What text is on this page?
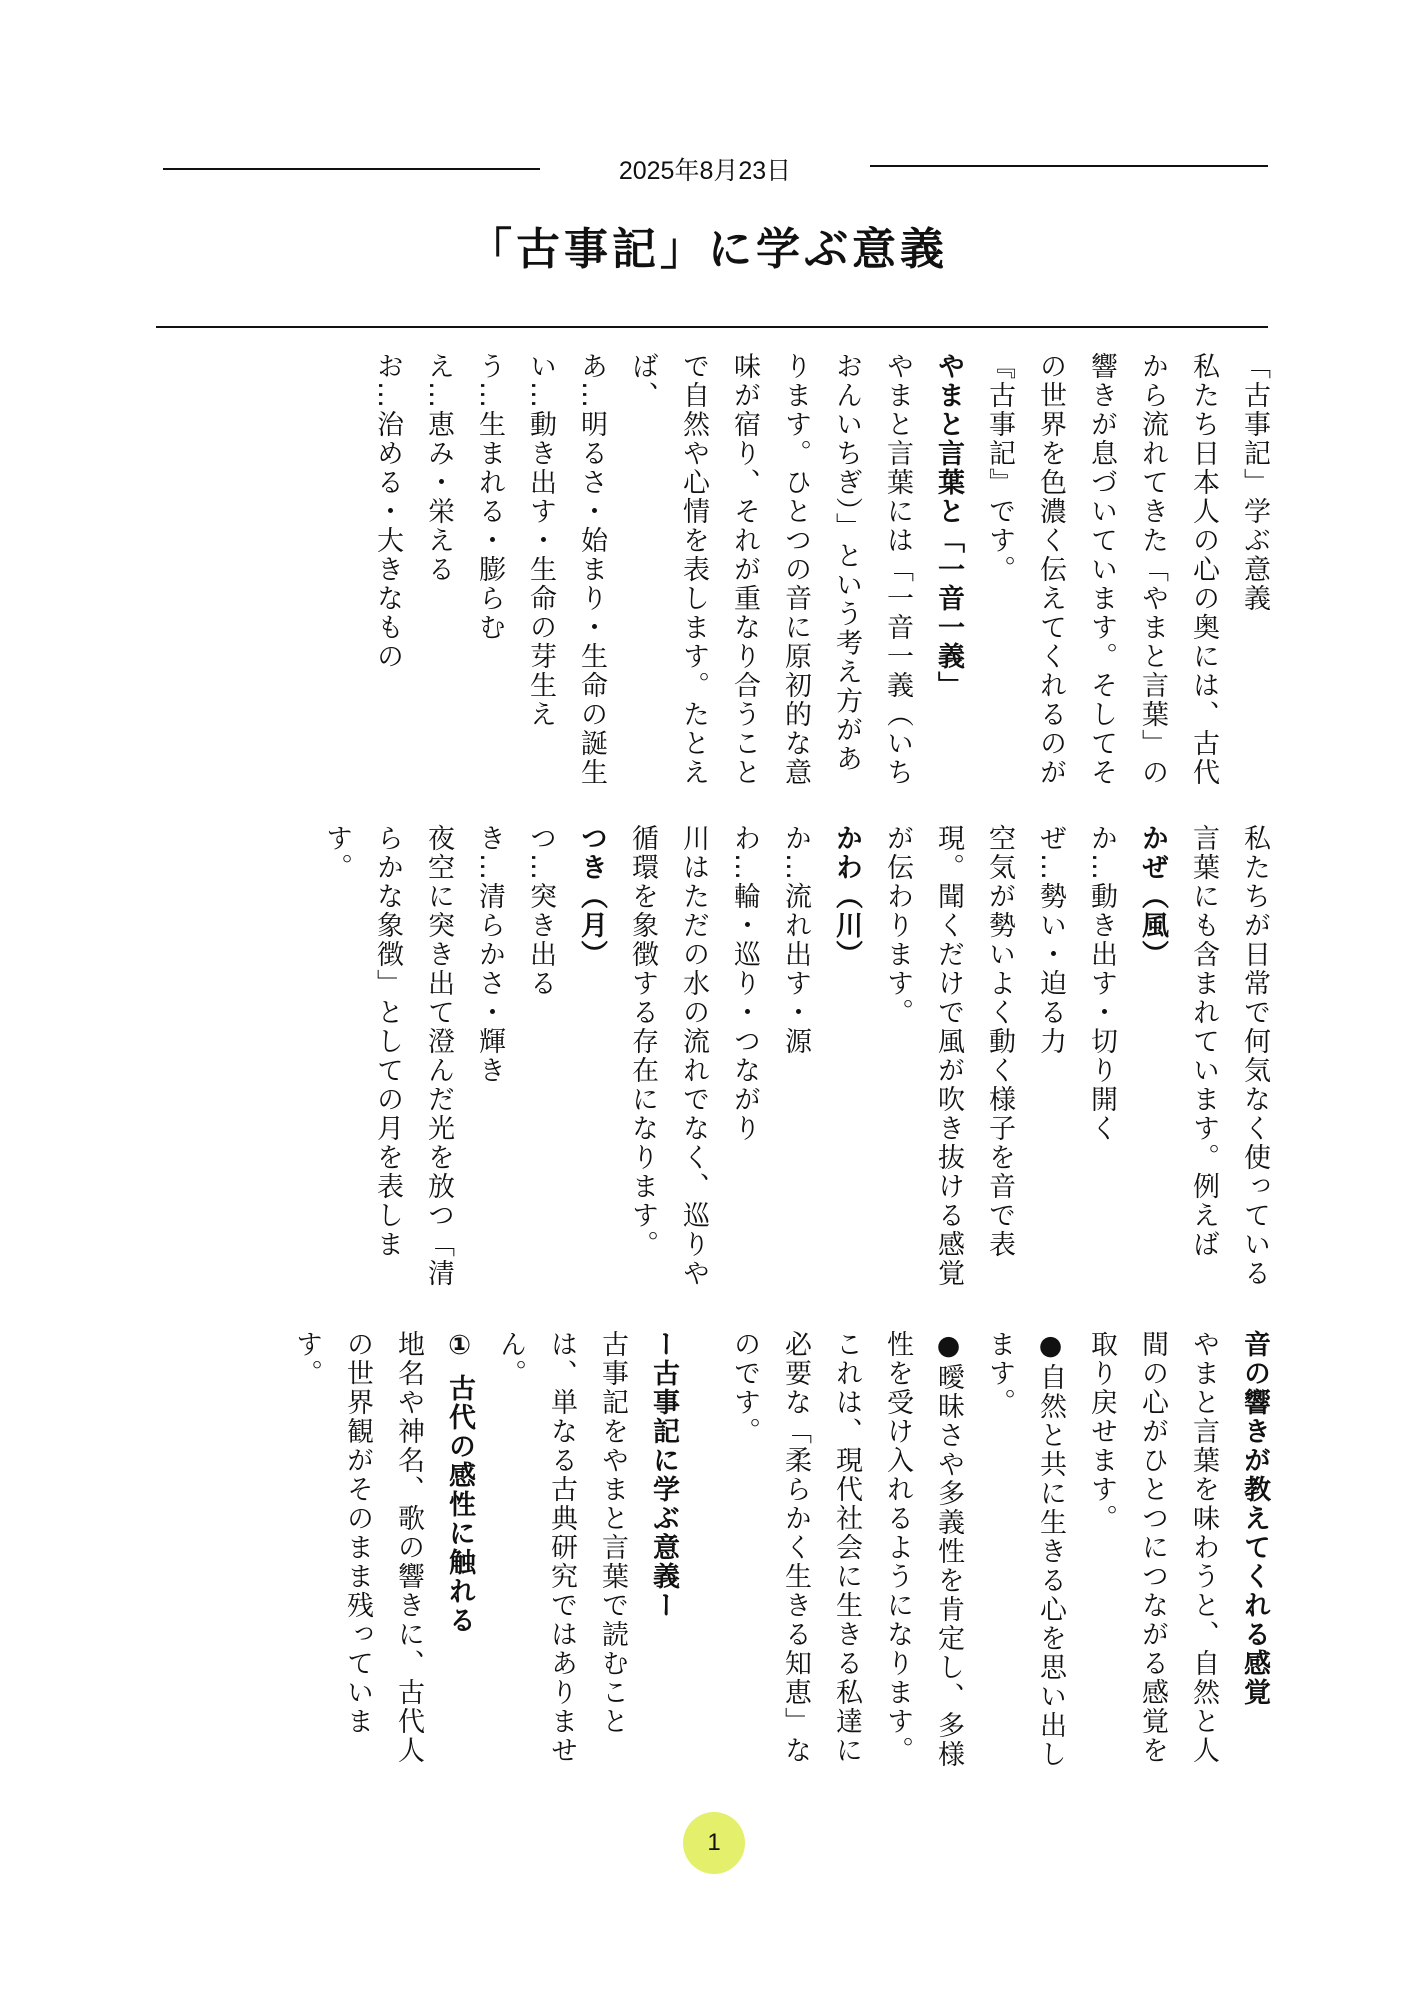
2025年8月23日
「古事記」に学ぶ意義

「古事記」学ぶ意義

私たち日本人の心の奥には、古代から流れてきた「やまと言葉」の響きが息づいています。そしてその世界を色濃く伝えてくれるのが『古事記』です。

やまと言葉と「一音一義」

やまと言葉には「一音一義（いちおんいちぎ）」という考え方があります。ひとつの音に原初的な意味が宿り、それが重なり合うことで自然や心情を表します。たとえば、

あ…明るさ・始まり・生命の誕生

い…動き出す・生命の芽生え

う…生まれる・膨らむ

え…恵み・栄える

お…治める・大きなもの

私たちが日常で何気なく使っている言葉にも含まれています。例えば

かぜ（風）

か…動き出す・切り開く

ぜ…勢い・迫る力

空気が勢いよく動く様子を音で表現。聞くだけで風が吹き抜ける感覚が伝わります。

かわ（川）

か…流れ出す・源

わ…輪・巡り・つながり

川はただの水の流れでなく、巡りや循環を象徴する存在になります。

つき（月）

つ…突き出る

き…清らかさ・輝き

夜空に突き出て澄んだ光を放つ「清らかな象徴」としての月を表します。

音の響きが教えてくれる感覚

やまと言葉を味わうと、自然と人間の心がひとつにつながる感覚を取り戻せます。

●自然と共に生きる心を思い出します。

●曖昧さや多義性を肯定し、多様性を受け入れるようになります。

これは、現代社会に生きる私達に必要な「柔らかく生きる知恵」なのです。

ー古事記に学ぶ意義ー

古事記をやまと言葉で読むことは、単なる古典研究ではありません。

① 古代の感性に触れる

地名や神名、歌の響きに、古代人の世界観がそのまま残っています。

1
